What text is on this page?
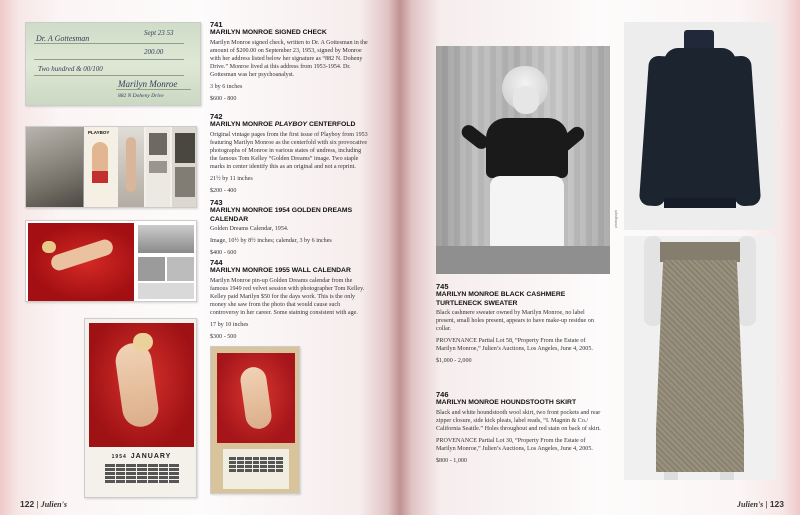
Sept 23 53
Dr. A Gottesman
200.00
Two hundred & 00/100
Marilyn Monroe
882 N Doheny Drive
PLAYBOY
1954 JANUARY
741
MARILYN MONROE SIGNED CHECK

Marilyn Monroe signed check, written to Dr. A Gottesman in the amount of $200.00 on September 23, 1953, signed by Monroe with her address listed below her signature as “882 N. Doheny Drive.” Monroe lived at this address from 1953-1954. Dr. Gottesman was her psychoanalyst.

3 by 6 inches

$600 - 800

742
MARILYN MONROE PLAYBOY CENTERFOLD

Original vintage pages from the first issue of Playboy from 1953 featuring Marilyn Monroe as the centerfold with six provocative photographs of Monroe in various states of undress, including the famous Tom Kelley “Golden Dreams” image. Two staple marks in center identify this as an original and not a reprint.

21½ by 11 inches

$200 - 400

743
MARILYN MONROE 1954 GOLDEN DREAMS CALENDAR

Golden Dreams Calendar, 1954.

Image, 10½ by 8½ inches; calendar, 3 by 6 inches

$400 - 600

744
MARILYN MONROE 1955 WALL CALENDAR

Marilyn Monroe pin-up Golden Dreams calendar from the famous 1949 red velvet session with photographer Tom Kelley. Kelley paid Marilyn $50 for the days work. This is the only money she saw from the photo that would cause such controversy in her career. Some staining consistent with age.

17 by 10 inches

$300 - 500

122 | Julien's
photograph
745
MARILYN MONROE BLACK CASHMERE TURTLENECK SWEATER

Black cashmere sweater owned by Marilyn Monroe, no label present, small holes present, appears to have make-up residue on collar.

PROVENANCE Partial Lot 58, “Property From the Estate of Marilyn Monroe,” Julien’s Auctions, Los Angeles, June 4, 2005.

$1,000 - 2,000

746
MARILYN MONROE HOUNDSTOOTH SKIRT

Black and white houndstooth wool skirt, two front pockets and rear zipper closure, side kick pleats, label reads, “I. Magnin & Co./ California Seattle.” Holes throughout and red stain on back of skirt.

PROVENANCE Partial Lot 30, “Property From the Estate of Marilyn Monroe,” Julien’s Auctions, Los Angeles, June 4, 2005.

$800 - 1,000

Julien's | 123
